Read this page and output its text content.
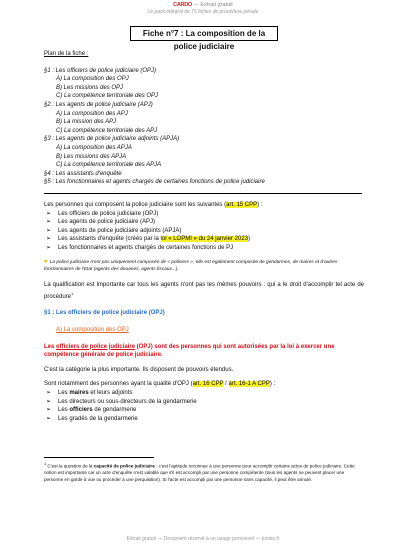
CARDO — Extrait gratuit
Le pack intégral de 75 fiches de procédure pénale
Fiche n°7 : La composition de la police judiciaire

Plan de la fiche :

§1 : Les officiers de police judiciaire (OPJ)
A) La composition des OPJ
B) Les missions des OPJ
C) La compétence territoriale des OPJ
§2 : Les agents de police judiciaire (APJ)
A) La composition des APJ
B) La mission des APJ
C) La compétence territoriale des APJ
§3 : Les agents de police judiciaire adjoints (APJA)
A) La composition des APJA
B) Les missions des APJA
C) La compétence territoriale des APJA
§4 : Les assistants d'enquête
§5 : Les fonctionnaires et agents chargés de certaines fonctions de police judiciaire

Les personnes qui composent la police judiciaire sont les suivantes (art. 15 CPP) :

➢ Les officiers de police judiciaire (OPJ)
➢ Les agents de police judiciaire (APJ)
➢ Les agents de police judiciaire adjoints (APJA)
➢ Les assistants d'enquête (créés par la loi « LOPMI » du 24 janvier 2023)
➢ Les fonctionnaires et agents chargés de certaines fonctions de PJ

☛ La police judiciaire n'est pas uniquement composée de « policiers », elle est également composée de gendarmes, de maires et d'autres fonctionnaires de l'Etat (agents des douanes, agents fiscaux...).

La qualification est importante car tous les agents n'ont pas les mêmes pouvoirs : qui a le droit d'accomplir tel acte de procédure$^1$

§1 : Les officiers de police judiciaire (OPJ)

A) La composition des OPJ

Les officiers de police judiciaire (OPJ) sont des personnes qui sont autorisées par la loi à exercer une compétence générale de police judiciaire.

C'est la catégorie la plus importante. Ils disposent de pouvoirs étendus.

Sont notamment des personnes ayant la qualité d'OPJ (art. 16 CPP / art. 16-1 A CPP) :

➢ Les maires et leurs adjoints
➢ Les directeurs ou sous-directeurs de la gendarmerie
➢ Les officiers de gendarmerie
➢ Les gradés de la gendarmerie

$^1$ C'est la question de la capacité de police judiciaire : c'est l'aptitude reconnue à une personne pour accomplir certains actes de police judiciaire. Cette notion est importante car un acte d'enquête n'est valable que s'il est accompli par une personne compétente (tous les agents ne peuvent placer une personne en garde à vue ou procéder à une perquisition). Si l'acte est accompli par une personne sans capacité, il peut être annulé.

Extrait gratuit — Document réservé à un usage personnel — jurisio.fr
